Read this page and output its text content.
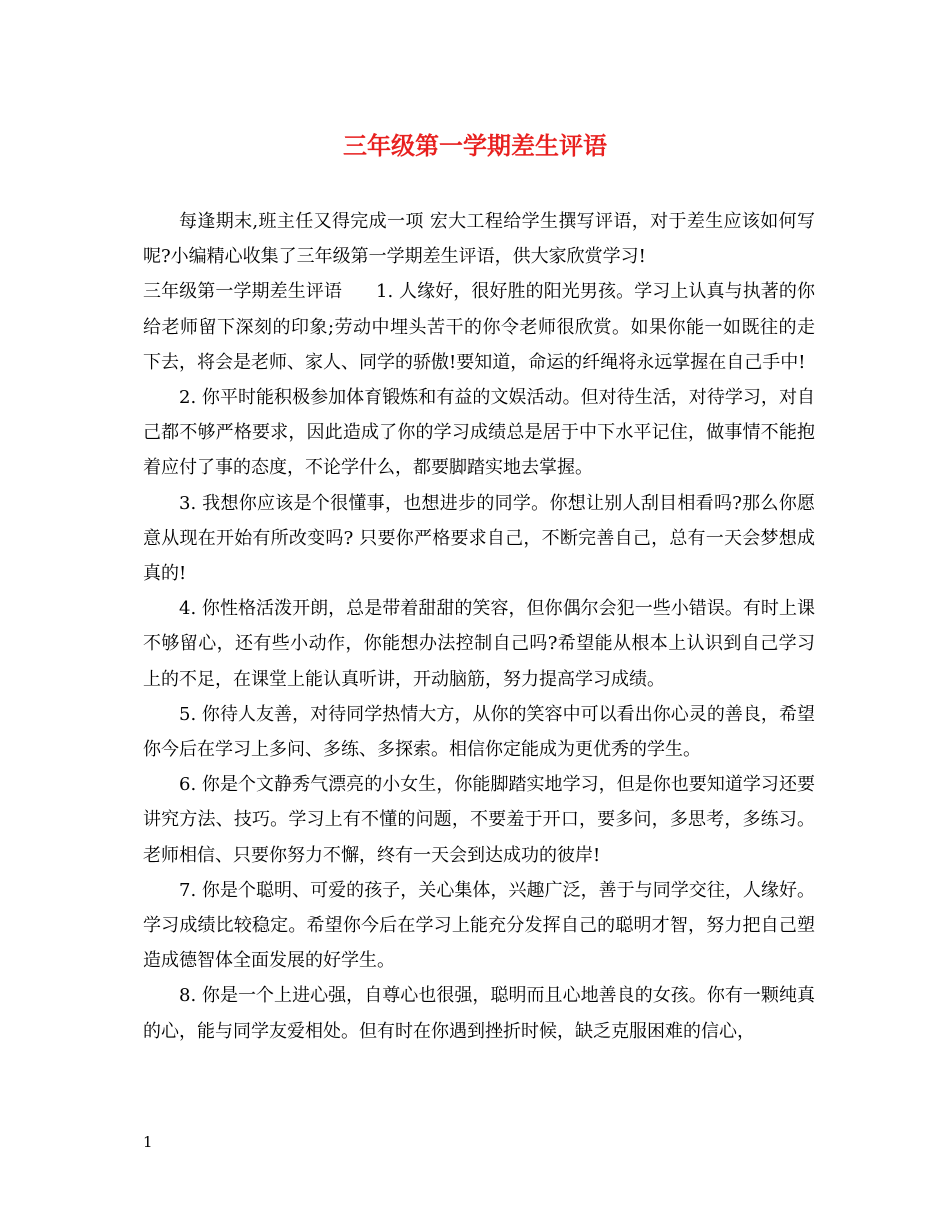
三年级第一学期差生评语

每逢期末,班主任又得完成一项 宏大工程给学生撰写评语，对于差生应该如何写呢?小编精心收集了三年级第一学期差生评语，供大家欣赏学习!

三年级第一学期差生评语 1. 人缘好，很好胜的阳光男孩。学习上认真与执著的你给老师留下深刻的印象;劳动中埋头苦干的你令老师很欣赏。如果你能一如既往的走下去，将会是老师、家人、同学的骄傲!要知道，命运的纤绳将永远掌握在自己手中!

2. 你平时能积极参加体育锻炼和有益的文娱活动。但对待生活，对待学习，对自己都不够严格要求，因此造成了你的学习成绩总是居于中下水平记住，做事情不能抱着应付了事的态度，不论学什么，都要脚踏实地去掌握。

3. 我想你应该是个很懂事，也想进步的同学。你想让别人刮目相看吗?那么你愿意从现在开始有所改变吗? 只要你严格要求自己，不断完善自己，总有一天会梦想成真的!

4. 你性格活泼开朗，总是带着甜甜的笑容，但你偶尔会犯一些小错误。有时上课不够留心，还有些小动作，你能想办法控制自己吗?希望能从根本上认识到自己学习上的不足，在课堂上能认真听讲，开动脑筋，努力提高学习成绩。

5. 你待人友善，对待同学热情大方，从你的笑容中可以看出你心灵的善良，希望你今后在学习上多问、多练、多探索。相信你定能成为更优秀的学生。

6. 你是个文静秀气漂亮的小女生，你能脚踏实地学习，但是你也要知道学习还要讲究方法、技巧。学习上有不懂的问题，不要羞于开口，要多问，多思考，多练习。老师相信、只要你努力不懈，终有一天会到达成功的彼岸!

7. 你是个聪明、可爱的孩子，关心集体，兴趣广泛，善于与同学交往，人缘好。学习成绩比较稳定。希望你今后在学习上能充分发挥自己的聪明才智，努力把自己塑造成德智体全面发展的好学生。

8. 你是一个上进心强，自尊心也很强，聪明而且心地善良的女孩。你有一颗纯真的心，能与同学友爱相处。但有时在你遇到挫折时候，缺乏克服困难的信心，

1
